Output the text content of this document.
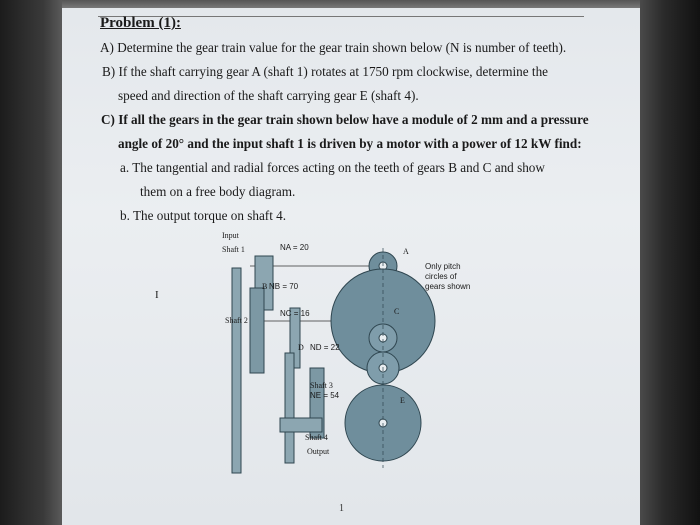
Problem (1):
A) Determine the gear train value for the gear train shown below (N is number of teeth).
B) If the shaft carrying gear A (shaft 1) rotates at 1750 rpm clockwise, determine the
speed and direction of the shaft carrying gear E (shaft 4).
C) If all the gears in the gear train shown below have a module of 2 mm and a pressure
angle of 20° and the input shaft 1 is driven by a motor with a power of 12 kW find:
a. The tangential and radial forces acting on the teeth of gears B and C and show
them on a free body diagram.
b. The output torque on shaft 4.
Input
Shaft 1	NA = 20
NB = 70
NC = 16
Shaft 2
ND = 22
Shaft 3
NE = 54
Shaft 4
Output
A
B
C
D
E
Only pitch
circles of
gears shown
I
1
